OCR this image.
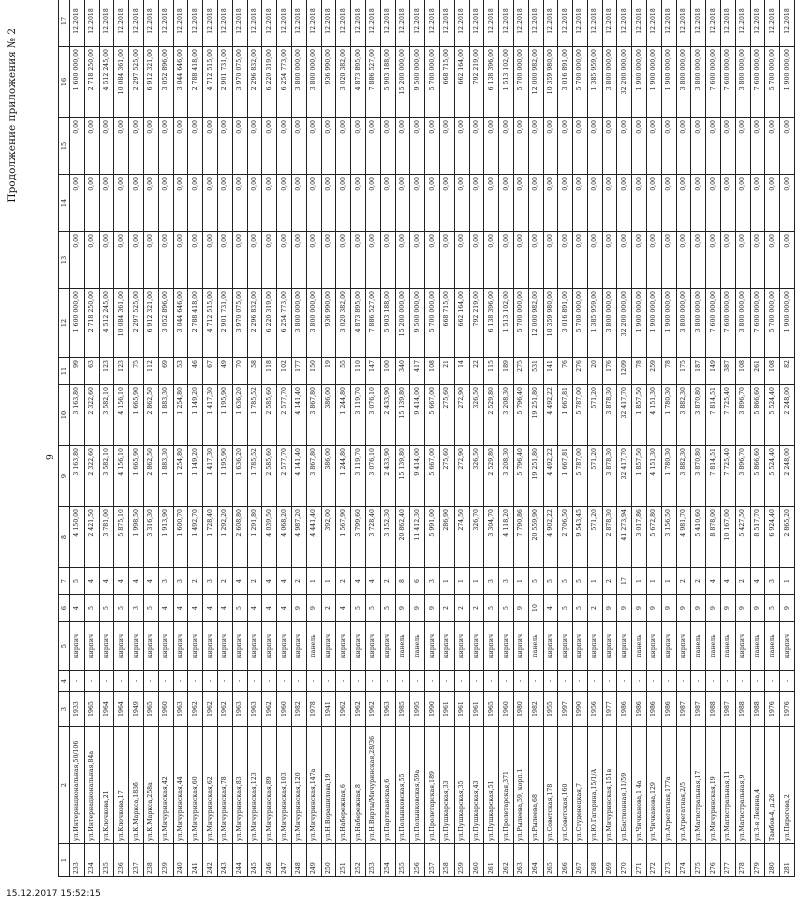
Продолжение приложения № 2
9
1	2	3	4	5	6	7	8	9	10	11	12	13	14	15	16	17
233	ул.Интернациональная,50/106	1933	-	кирпич	4	5	4 150,00	3 163,80	3 163,80	99	1 600 000,00	0,00	0,00	0,00	1 600 000,00	12.2018
234	ул.Интернациональная,84а	1965	-	кирпич	5	4	2 421,50	2 322,60	2 322,60	63	2 718 250,00	0,00	0,00	0,00	2 718 250,00	12.2018
235	ул.Клочкова,21	1964	-	кирпич	5	4	3 781,00	3 582,10	3 582,10	123	4 512 245,00	0,00	0,00	0,00	4 512 245,00	12.2018
236	ул.Клочкова,17	1964	-	кирпич	5	4	5 875,10	4 156,10	4 156,10	123	10 084 361,00	0,00	0,00	0,00	10 084 361,00	12.2018
237	ул.К.Маркса,183б	1949	-	кирпич	3	4	1 998,50	1 665,90	1 665,90	75	2 297 525,00	0,00	0,00	0,00	2 297 525,00	12.2018
238	ул.К.Маркса,258а	1965	-	кирпич	5	4	3 316,30	2 862,50	2 862,50	112	6 912 321,00	0,00	0,00	0,00	6 912 321,00	12.2018
239	ул.Мичуринская,42	1960	-	кирпич	4	3	1 913,90	1 883,30	1 883,30	69	3 052 896,00	0,00	0,00	0,00	3 052 896,00	12.2018
240	ул.Мичуринская,44	1963	-	кирпич	4	3	1 600,70	1 254,80	1 254,80	53	3 044 646,00	0,00	0,00	0,00	3 044 646,00	12.2018
241	ул.Мичуринская,60	1962	-	кирпич	4	2	1 492,70	1 149,20	1 149,20	46	2 788 418,00	0,00	0,00	0,00	2 788 418,00	12.2018
242	ул.Мичуринская,62	1962	-	кирпич	4	3	1 728,40	1 417,30	1 417,30	67	4 712 515,00	0,00	0,00	0,00	4 712 515,00	12.2018
243	ул.Мичуринская,78	1962	-	кирпич	4	2	1 292,20	1 195,90	1 195,90	49	2 901 731,00	0,00	0,00	0,00	2 901 731,00	12.2018
244	ул.Мичуринская,83	1963	-	кирпич	5	4	2 608,80	1 636,20	1 636,20	70	3 970 075,00	0,00	0,00	0,00	3 970 075,00	12.2018
245	ул.Мичуринская,123	1963	-	кирпич	4	2	1 291,80	1 785,52	1 785,52	58	2 296 832,00	0,00	0,00	0,00	2 296 832,00	12.2018
246	ул.Мичуринская,89	1962	-	кирпич	4	4	4 039,50	2 585,60	2 585,60	118	6 220 319,00	0,00	0,00	0,00	6 220 319,00	12.2018
247	ул.Мичуринская,103	1960	-	кирпич	4	4	4 068,20	2 577,70	2 577,70	102	6 254 773,00	0,00	0,00	0,00	6 254 773,00	12.2018
248	ул.Мичуринская,120	1982	-	кирпич	9	2	4 987,20	4 141,40	4 141,40	177	3 800 000,00	0,00	0,00	0,00	3 800 000,00	12.2018
249	ул.Мичуринская,147а	1978	-	панель	9	1	4 441,40	3 867,80	3 867,80	150	3 800 000,00	0,00	0,00	0,00	3 800 000,00	12.2018
250	ул.Н.Ворашилова,19	1941	-	кирпич	2	1	392,00	386,00	386,00	19	936 990,00	0,00	0,00	0,00	936 990,00	12.2018
251	ул.Набережная,6	1962	-	кирпич	4	2	1 567,90	1 244,80	1 244,80	55	3 020 382,00	0,00	0,00	0,00	3 020 382,00	12.2018
252	ул.Набережная,8	1962	-	кирпич	5	4	3 799,60	3 119,70	3 119,70	110	4 873 895,00	0,00	0,00	0,00	4 873 895,00	12.2018
253	ул.Н.Вирты/Мичуринская,28/36	1962	-	кирпич	5	4	3 728,40	3 076,10	3 076,10	147	7 886 527,00	0,00	0,00	0,00	7 886 527,00	12.2018
254	ул.Партизанская,6	1963	-	кирпич	5	2	3 152,30	2 433,90	2 433,90	100	5 903 188,00	0,00	0,00	0,00	5 903 188,00	12.2018
255	ул.Полынковская,55	1985	-	панель	9	8	20 862,40	15 139,80	15 139,80	340	15 200 000,00	0,00	0,00	0,00	15 200 000,00	12.2018
256	ул.Полынковская,59а	1995	-	панель	9	6	11 412,30	9 414,00	9 414,00	417	9 500 000,00	0,00	0,00	0,00	9 500 000,00	12.2018
257	ул.Пролетарская,189	1990	-	кирпич	9	3	5 991,00	5 667,00	5 667,00	108	5 700 000,00	0,00	0,00	0,00	5 700 000,00	12.2018
258	ул.Пушкарская,33	1961	-	кирпич	2	1	286,90	275,60	275,60	21	668 715,00	0,00	0,00	0,00	668 715,00	12.2018
259	ул.Пушкарская,35	1961	-	кирпич	2	1	274,50	272,90	272,90	14	662 164,00	0,00	0,00	0,00	662 164,00	12.2018
260	ул.Пушкарская,43	1961	-	кирпич	2	1	326,70	326,50	326,50	22	792 219,00	0,00	0,00	0,00	792 219,00	12.2018
261	ул.Пушкарская,51	1965	-	кирпич	5	3	3 304,70	2 529,80	2 529,80	115	6 138 396,00	0,00	0,00	0,00	6 138 396,00	12.2018
262	ул.Пролетарская,371	1960	-	кирпич	5	3	4 118,20	3 208,30	3 208,30	189	1 513 102,00	0,00	0,00	0,00	1 513 102,00	12.2018
263	ул.Рылеева,59, корп.1	1980	-	кирпич	9	1	7 790,86	5 796,40	5 796,40	275	5 700 000,00	0,00	0,00	0,00	5 700 000,00	12.2018
264	ул.Рылеева,68	1982	-	панель	10	5	20 559,90	19 251,80	19 251,80	531	12 000 982,00	0,00	0,00	0,00	12 000 982,00	12.2018
265	ул.Советская,178	1955	-	кирпич	4	5	4 902,22	4 492,22	4 492,22	141	10 359 980,00	0,00	0,00	0,00	10 359 980,00	12.2018
266	ул.Советская,160	1997	-	кирпич	5	5	2 706,50	1 667,81	1 667,81	76	3 016 891,00	0,00	0,00	0,00	3 016 891,00	12.2018
267	ул.Студенецкая,7	1990	-	кирпич	5	5	9 543,45	5 787,00	5 787,00	276	5 700 000,00	0,00	0,00	0,00	5 700 000,00	12.2018
268	ул.Ю.Гагарина,15/1/А	1956	-	кирпич	2	1	571,20	571,20	571,20	20	1 385 959,00	0,00	0,00	0,00	1 385 959,00	12.2018
269	ул.Мичуринская,151в	1977	-	кирпич	9	2	2 878,30	3 878,30	3 878,30	176	3 800 000,00	0,00	0,00	0,00	3 800 000,00	12.2018
270	ул.Бастионная,11/59	1986	-	кирпич	9	17	41 273,94	32 417,70	32 417,70	1209	32 200 000,00	0,00	0,00	0,00	32 200 000,00	12.2018
271	ул.Чичканова,1 4а	1986	-	панель	9	1	3 017,86	1 857,50	1 857,50	78	1 900 000,00	0,00	0,00	0,00	1 900 000,00	12.2018
272	ул.Чичканова,129	1986	-	кирпич	9	1	5 672,80	4 151,30	4 151,30	259	1 900 000,00	0,00	0,00	0,00	1 900 000,00	12.2018
273	ул.Агрегатная,177а	1986	-	кирпич	9	1	3 156,50	1 780,30	1 780,30	78	1 900 000,00	0,00	0,00	0,00	1 900 000,00	12.2018
274	ул.Агрегатная,2/5	1987	-	кирпич	9	2	4 981,70	3 882,30	3 882,30	175	3 800 000,00	0,00	0,00	0,00	3 800 000,00	12.2018
275	ул.Магистральная,17	1987	-	панель	9	2	5 410,60	3 870,80	3 870,80	187	3 800 000,00	0,00	0,00	0,00	3 800 000,00	12.2018
276	ул.Мичуринская,19	1988	-	панель	9	4	8 878,00	7 814,51	7 814,51	149	7 600 000,00	0,00	0,00	0,00	7 600 000,00	12.2018
277	ул.Магистральная,11	1987	-	панель	9	4	10 167,00	7 725,40	7 725,40	387	7 600 000,00	0,00	0,00	0,00	7 600 000,00	12.2018
278	ул.Магистральная,9	1988	-	кирпич	9	2	5 427,50	3 896,70	3 896,70	108	3 800 000,00	0,00	0,00	0,00	3 800 000,00	12.2018
279	ул.З-я Ленина,4	1988	-	панель	9	4	8 517,70	5 866,60	5 866,60	261	7 600 000,00	0,00	0,00	0,00	7 600 000,00	12.2018
280	Тамбов-4, д.26	1976	-	панель	5	3	6 924,40	5 524,40	5 524,40	108	5 700 000,00	0,00	0,00	0,00	5 700 000,00	12.2018
281	ул.Пирогова,2	1976	-	кирпич	9	1	2 865,20	2 248,00	2 248,00	82	1 900 000,00	0,00	0,00	0,00	1 900 000,00	12.2018
15.12.2017 15:52:15
